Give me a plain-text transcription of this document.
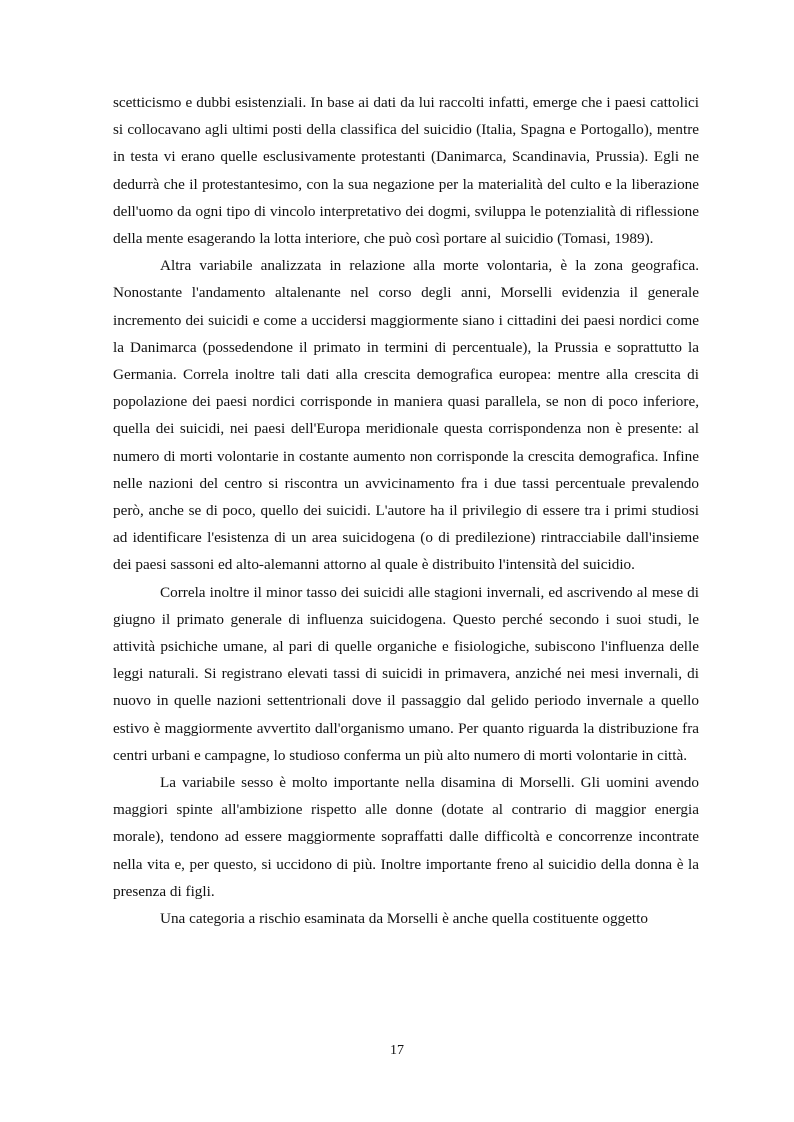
scetticismo e dubbi esistenziali. In base ai dati da lui raccolti infatti, emerge che i paesi cattolici si collocavano agli ultimi posti della classifica del suicidio (Italia, Spagna e Portogallo), mentre in testa vi erano quelle esclusivamente protestanti (Danimarca, Scandinavia, Prussia). Egli ne dedurrà che il protestantesimo, con la sua negazione per la materialità del culto e la liberazione dell'uomo da ogni tipo di vincolo interpretativo dei dogmi, sviluppa le potenzialità di riflessione della mente esagerando la lotta interiore, che può così portare al suicidio (Tomasi, 1989).

Altra variabile analizzata in relazione alla morte volontaria, è la zona geografica. Nonostante l'andamento altalenante nel corso degli anni, Morselli evidenzia il generale incremento dei suicidi e come a uccidersi maggiormente siano i cittadini dei paesi nordici come la Danimarca (possedendone il primato in termini di percentuale), la Prussia e soprattutto la Germania. Correla inoltre tali dati alla crescita demografica europea: mentre alla crescita di popolazione dei paesi nordici corrisponde in maniera quasi parallela, se non di poco inferiore, quella dei suicidi, nei paesi dell'Europa meridionale questa corrispondenza non è presente: al numero di morti volontarie in costante aumento non corrisponde la crescita demografica. Infine nelle nazioni del centro si riscontra un avvicinamento fra i due tassi percentuale prevalendo però, anche se di poco, quello dei suicidi. L'autore ha il privilegio di essere tra i primi studiosi ad identificare l'esistenza di un area suicidogena (o di predilezione) rintracciabile dall'insieme dei paesi sassoni ed alto-alemanni attorno al quale è distribuito l'intensità del suicidio.

Correla inoltre il minor tasso dei suicidi alle stagioni invernali, ed ascrivendo al mese di giugno il primato generale di influenza suicidogena. Questo perché secondo i suoi studi, le attività psichiche umane, al pari di quelle organiche e fisiologiche, subiscono l'influenza delle leggi naturali. Si registrano elevati tassi di suicidi in primavera, anziché nei mesi invernali, di nuovo in quelle nazioni settentrionali dove il passaggio dal gelido periodo invernale a quello estivo è maggiormente avvertito dall'organismo umano. Per quanto riguarda la distribuzione fra centri urbani e campagne, lo studioso conferma un più alto numero di morti volontarie in città.

La variabile sesso è molto importante nella disamina di Morselli. Gli uomini avendo maggiori spinte all'ambizione rispetto alle donne (dotate al contrario di maggior energia morale), tendono ad essere maggiormente sopraffatti dalle difficoltà e concorrenze incontrate nella vita e, per questo, si uccidono di più. Inoltre importante freno al suicidio della donna è la presenza di figli.

Una categoria a rischio esaminata da Morselli è anche quella costituente oggetto

17
